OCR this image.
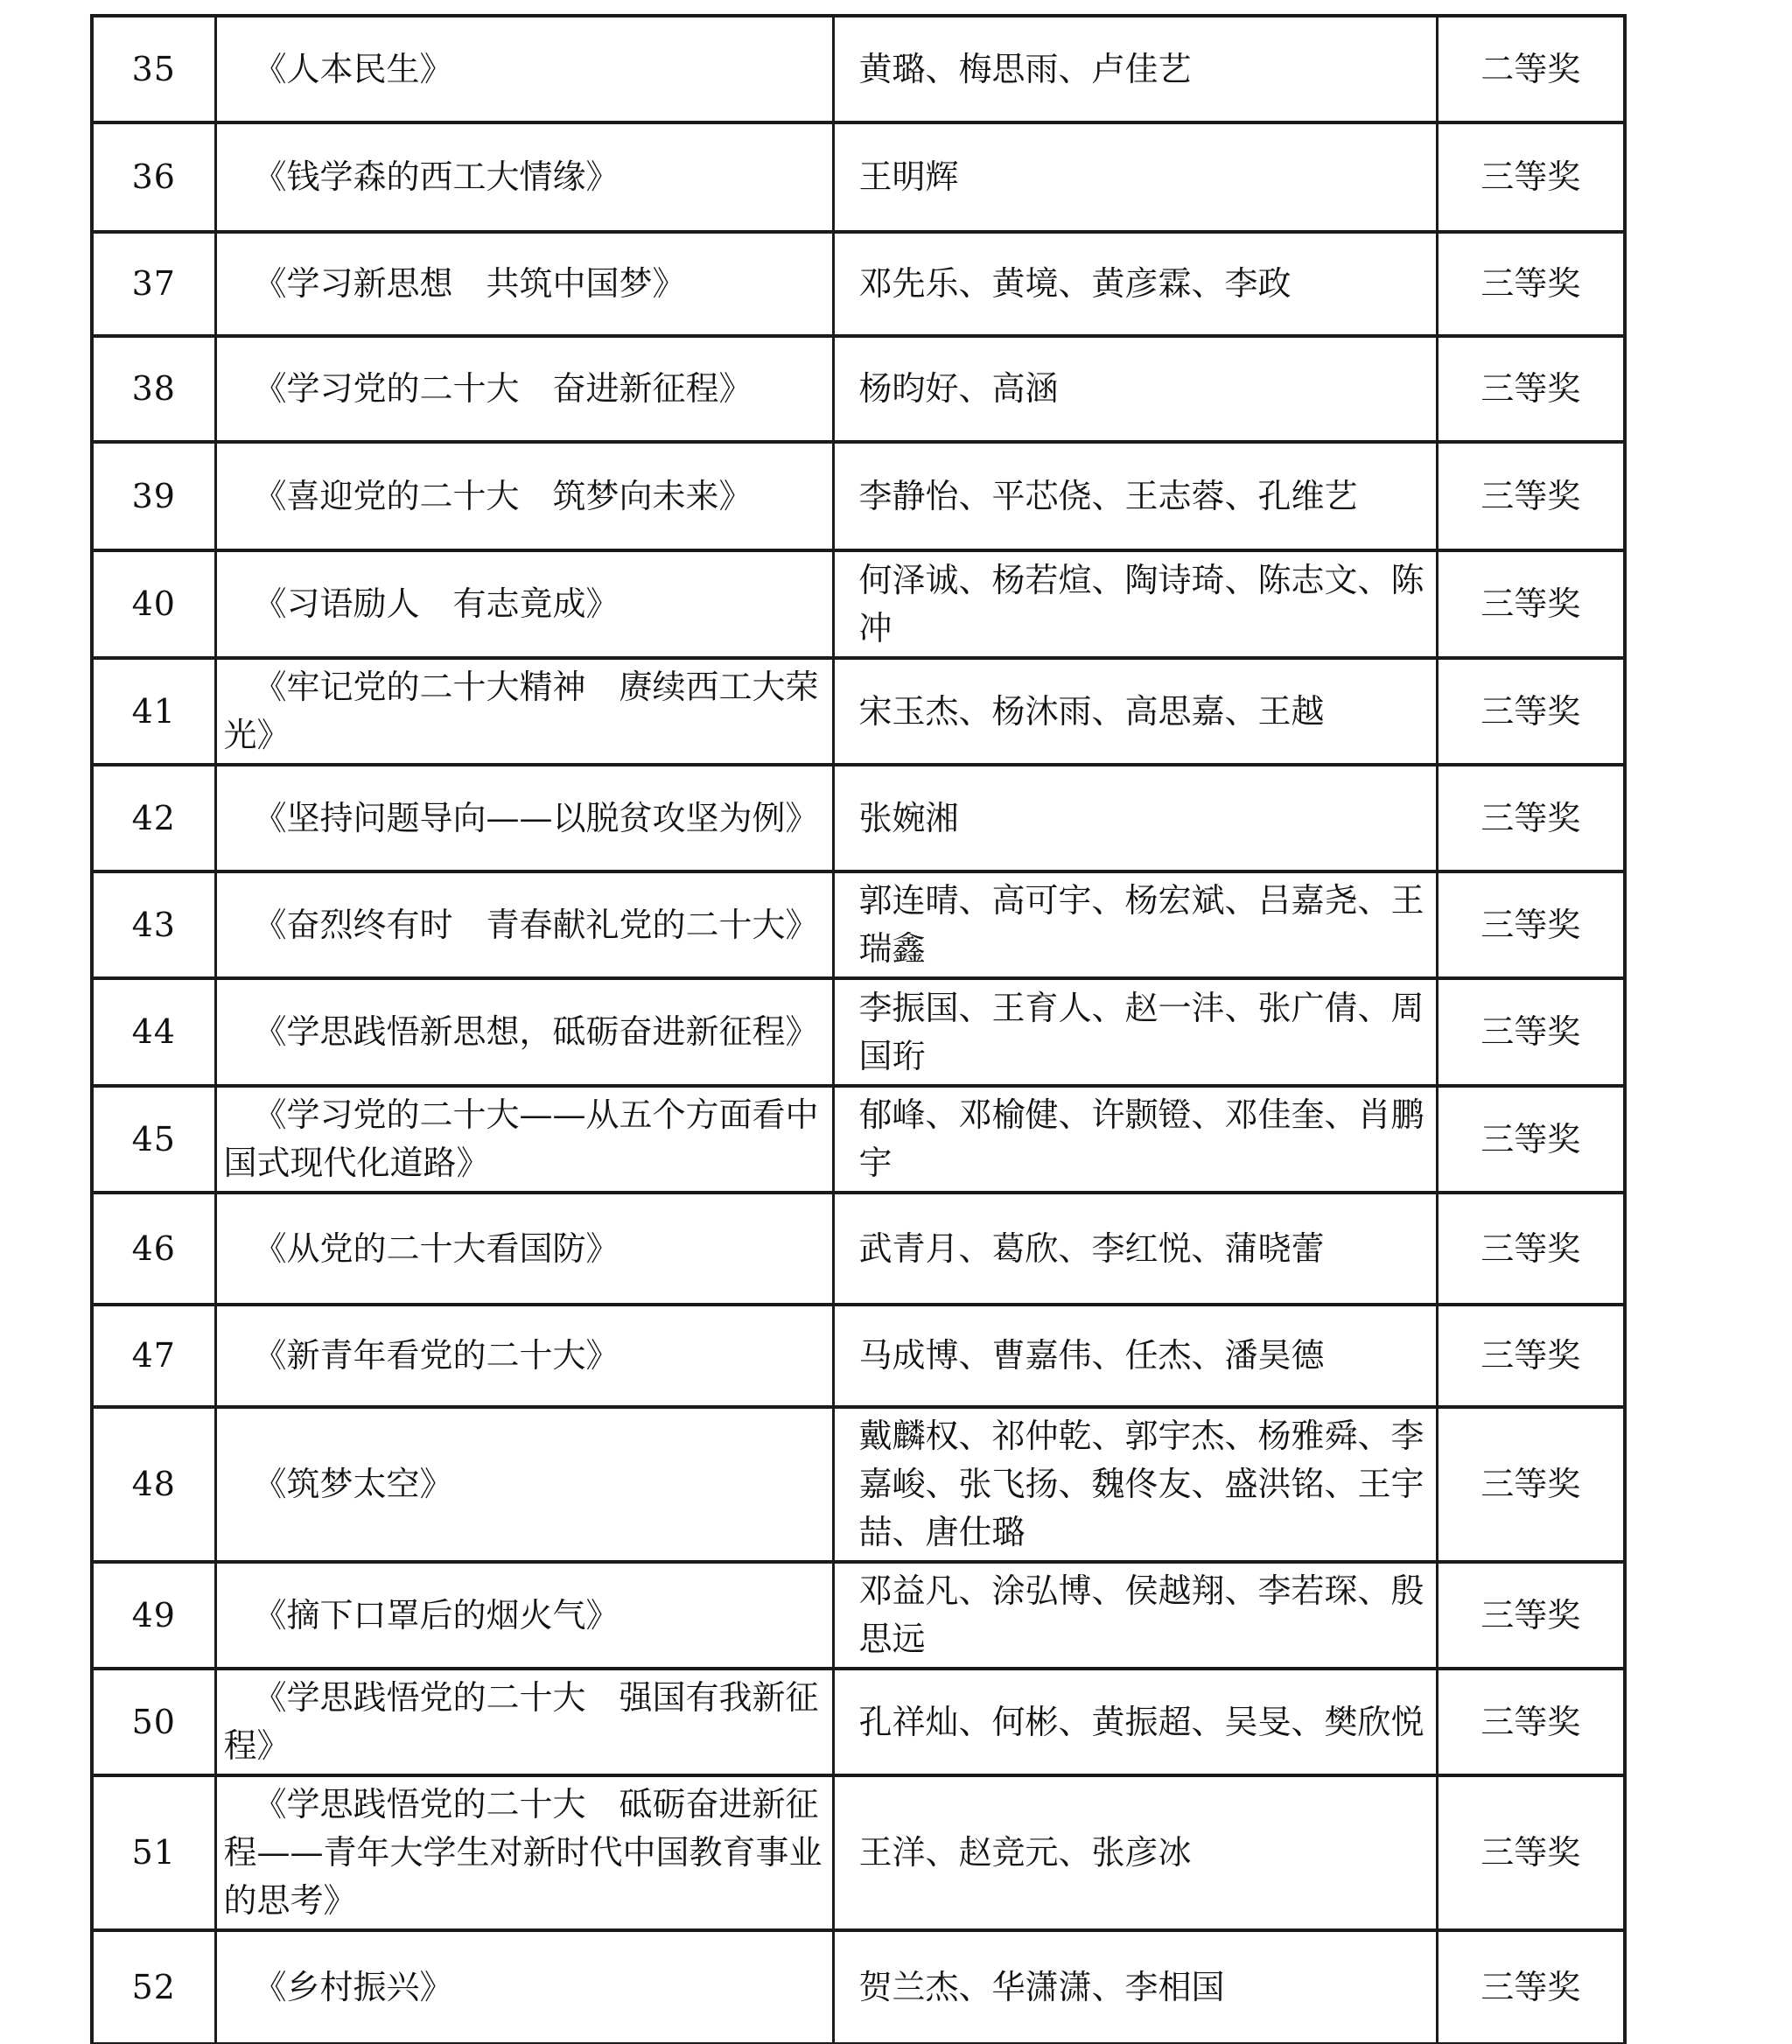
35	《人本民生》	黄璐、梅思雨、卢佳艺	二等奖
36	《钱学森的西工大情缘》	王明辉	三等奖
37	《学习新思想　共筑中国梦》	邓先乐、黄境、黄彦霖、李政	三等奖
38	《学习党的二十大　奋进新征程》	杨昀好、高涵	三等奖
39	《喜迎党的二十大　筑梦向未来》	李静怡、平芯侥、王志蓉、孔维艺	三等奖
40	《习语励人　有志竟成》	何泽诚、杨若煊、陶诗琦、陈志文、陈冲	三等奖
41	《牢记党的二十大精神　赓续西工大荣光》	宋玉杰、杨沐雨、高思嘉、王越	三等奖
42	《坚持问题导向——以脱贫攻坚为例》	张婉湘	三等奖
43	《奋烈终有时　青春献礼党的二十大》	郭连晴、高可宇、杨宏斌、吕嘉尧、王瑞鑫	三等奖
44	《学思践悟新思想，砥砺奋进新征程》	李振国、王育人、赵一沣、张广倩、周国珩	三等奖
45	《学习党的二十大——从五个方面看中国式现代化道路》	郁峰、邓榆健、许颢镫、邓佳奎、肖鹏宇	三等奖
46	《从党的二十大看国防》	武青月、葛欣、李红悦、蒲晓蕾	三等奖
47	《新青年看党的二十大》	马成博、曹嘉伟、任杰、潘昊德	三等奖
48	《筑梦太空》	戴麟权、祁仲乾、郭宇杰、杨雅舜、李嘉峻、张飞扬、魏佟友、盛洪铭、王宇喆、唐仕璐	三等奖
49	《摘下口罩后的烟火气》	邓益凡、涂弘博、侯越翔、李若琛、殷思远	三等奖
50	《学思践悟党的二十大　强国有我新征程》	孔祥灿、何彬、黄振超、吴旻、樊欣悦	三等奖
51	《学思践悟党的二十大　砥砺奋进新征程——青年大学生对新时代中国教育事业的思考》	王洋、赵竞元、张彦冰	三等奖
52	《乡村振兴》	贺兰杰、华潇潇、李相国	三等奖
